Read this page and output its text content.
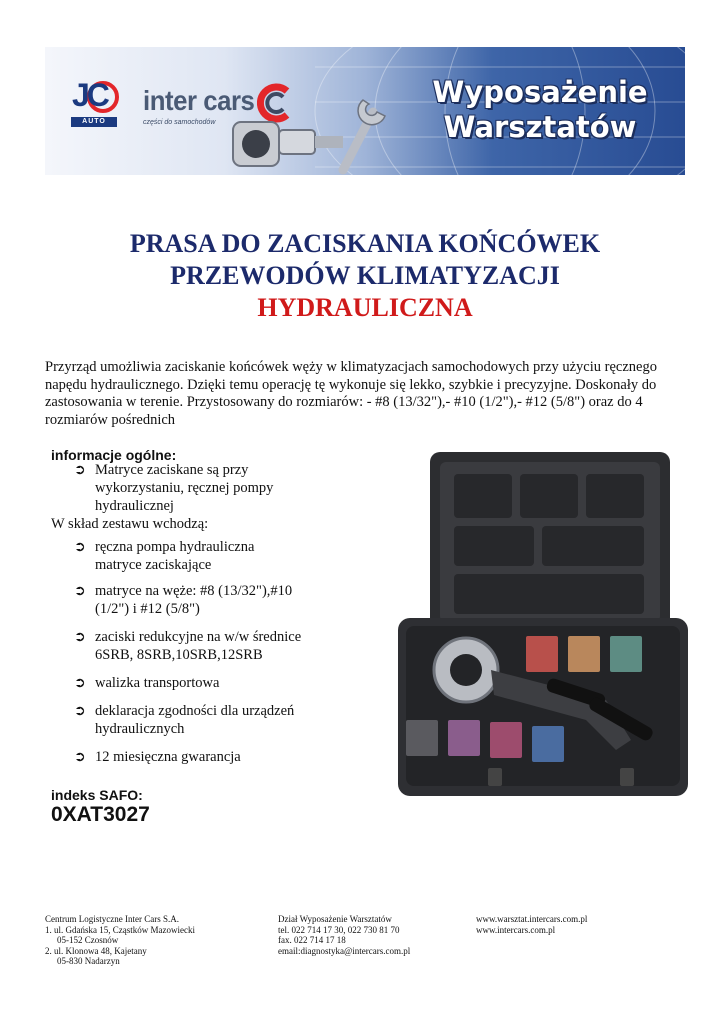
JC
AUTO
inter cars
części do samochodów
Wyposażenie
Warsztatów
PRASA DO ZACISKANIA KOŃCÓWEK
PRZEWODÓW KLIMATYZACJI
HYDRAULICZNA
Przyrząd umożliwia zaciskanie końcówek węży w klimatyzacjach samochodowych przy użyciu ręcznego
napędu hydraulicznego. Dzięki temu operację tę wykonuje się lekko, szybkie i precyzyjne. Doskonały do
zastosowania w terenie. Przystosowany do rozmiarów: - #8 (13/32"),- #10 (1/2"),- #12 (5/8") oraz do 4
rozmiarów pośrednich
informacje ogólne:
➲ Matryce zaciskane są przy
wykorzystaniu, ręcznej pompy
hydraulicznej
W skład zestawu wchodzą:
➲ ręczna pompa hydrauliczna
matryce zaciskające
➲ matryce na węże: #8 (13/32"),#10
(1/2") i #12 (5/8")
➲ zaciski redukcyjne na w/w średnice
6SRB, 8SRB,10SRB,12SRB
➲ walizka transportowa
➲ deklaracja zgodności dla urządzeń
hydraulicznych
➲ 12 miesięczna gwarancja
indeks SAFO:
0XAT3027
Centrum Logistyczne Inter Cars S.A.
1. ul. Gdańska 15, Cząstków Mazowiecki
05-152 Czosnów
2. ul. Klonowa 48, Kajetany
05-830 Nadarzyn
Dział Wyposażenie Warsztatów
tel. 022 714 17 30, 022 730 81 70
fax. 022 714 17 18
email:diagnostyka@intercars.com.pl
www.warsztat.intercars.com.pl
www.intercars.com.pl
